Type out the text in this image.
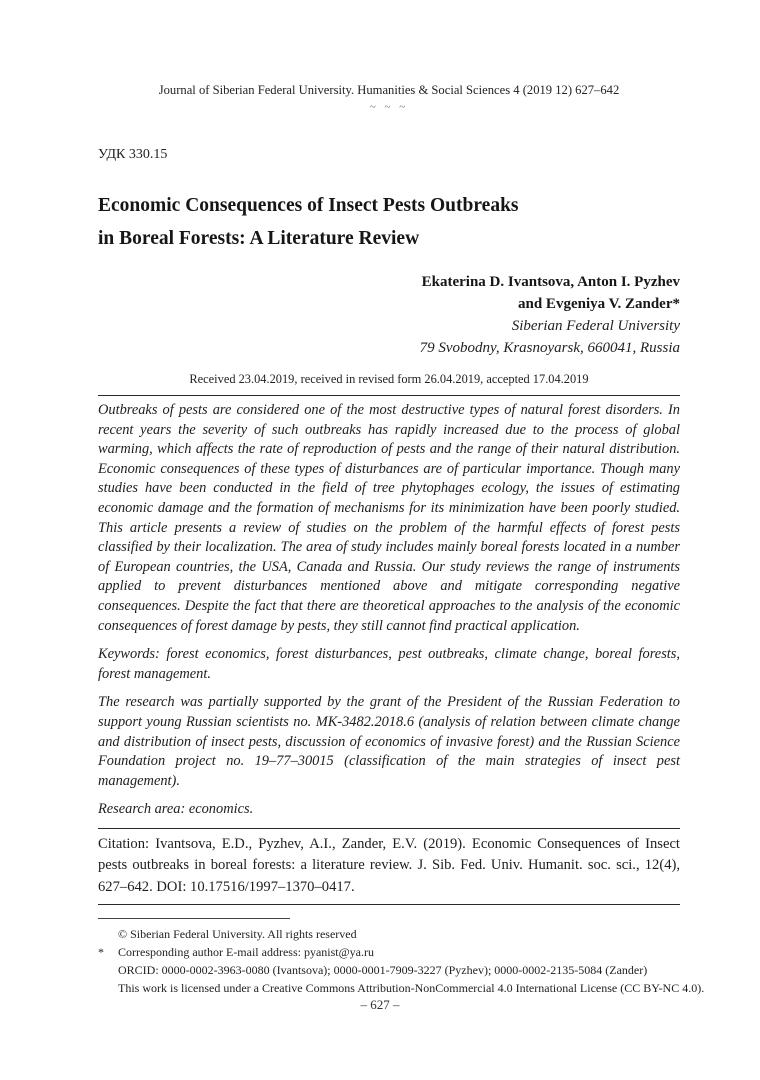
Journal of Siberian Federal University. Humanities & Social Sciences 4 (2019 12) 627–642
~ ~ ~
УДК 330.15
Economic Consequences of Insect Pests Outbreaks
in Boreal Forests: A Literature Review
Ekaterina D. Ivantsova, Anton I. Pyzhev
and Evgeniya V. Zander*
Siberian Federal University
79 Svobodny, Krasnoyarsk, 660041, Russia
Received 23.04.2019, received in revised form 26.04.2019, accepted 17.04.2019
Outbreaks of pests are considered one of the most destructive types of natural forest disorders. In recent years the severity of such outbreaks has rapidly increased due to the process of global warming, which affects the rate of reproduction of pests and the range of their natural distribution. Economic consequences of these types of disturbances are of particular importance. Though many studies have been conducted in the field of tree phytophages ecology, the issues of estimating economic damage and the formation of mechanisms for its minimization have been poorly studied. This article presents a review of studies on the problem of the harmful effects of forest pests classified by their localization. The area of study includes mainly boreal forests located in a number of European countries, the USA, Canada and Russia. Our study reviews the range of instruments applied to prevent disturbances mentioned above and mitigate corresponding negative consequences. Despite the fact that there are theoretical approaches to the analysis of the economic consequences of forest damage by pests, they still cannot find practical application.
Keywords: forest economics, forest disturbances, pest outbreaks, climate change, boreal forests, forest management.
The research was partially supported by the grant of the President of the Russian Federation to support young Russian scientists no. MK-3482.2018.6 (analysis of relation between climate change and distribution of insect pests, discussion of economics of invasive forest) and the Russian Science Foundation project no. 19–77–30015 (classification of the main strategies of insect pest management).
Research area: economics.
Citation: Ivantsova, E.D., Pyzhev, A.I., Zander, E.V. (2019). Economic Consequences of Insect pests outbreaks in boreal forests: a literature review. J. Sib. Fed. Univ. Humanit. soc. sci., 12(4), 627–642. DOI: 10.17516/1997–1370–0417.
© Siberian Federal University. All rights reserved
*	Corresponding author E-mail address: pyanist@ya.ru
ORCID: 0000-0002-3963-0080 (Ivantsova); 0000-0001-7909-3227 (Pyzhev); 0000-0002-2135-5084 (Zander)
This work is licensed under a Creative Commons Attribution-NonCommercial 4.0 International License (CC BY-NC 4.0).
– 627 –
